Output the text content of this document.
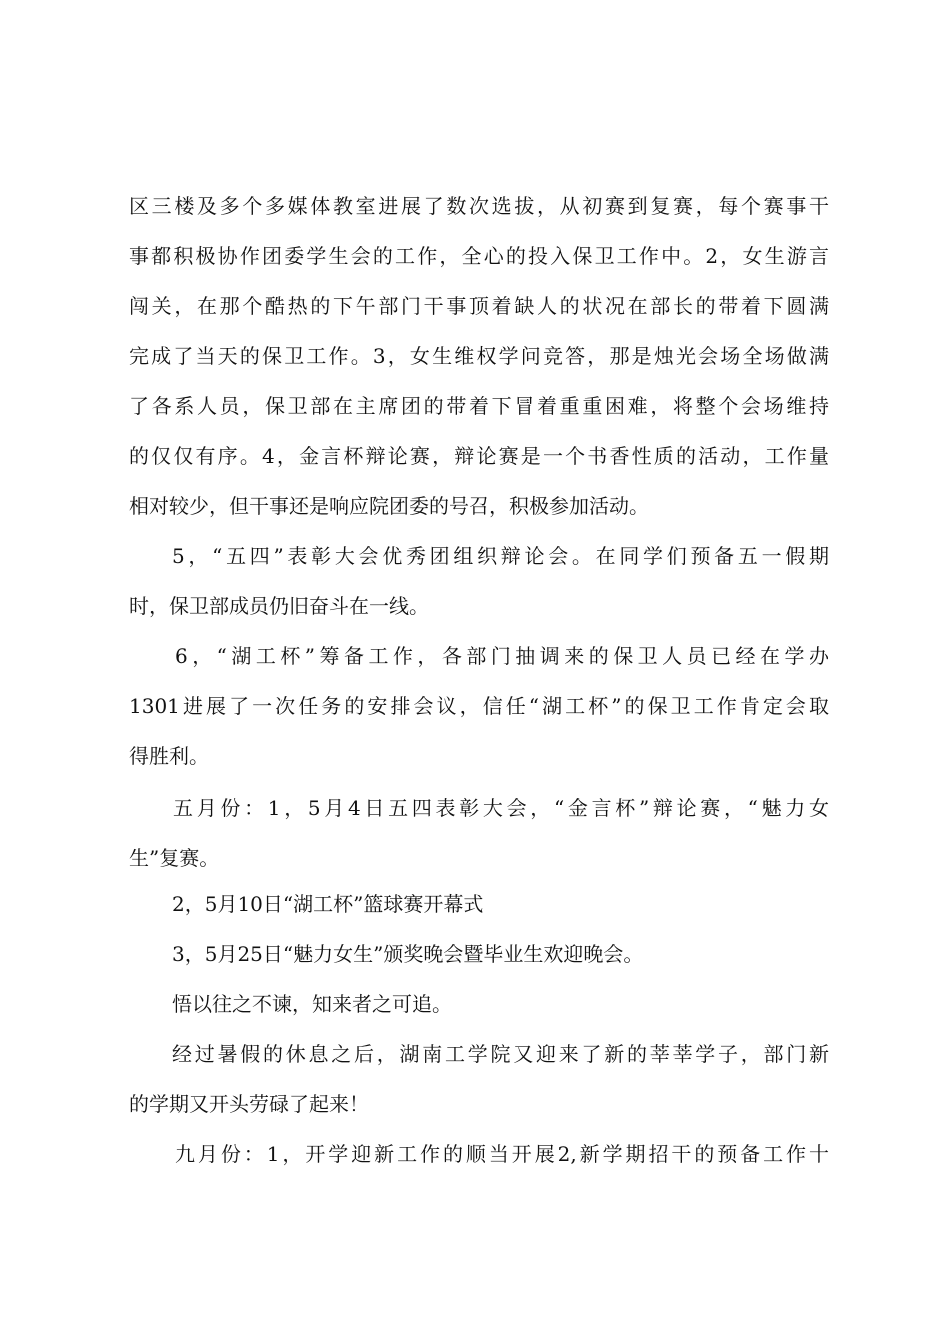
区三楼及多个多媒体教室进展了数次选拔，从初赛到复赛，每个赛事干
事都积极协作团委学生会的工作，全心的投入保卫工作中。2，女生游言
闯关，在那个酷热的下午部门干事顶着缺人的状况在部长的带着下圆满
完成了当天的保卫工作。3，女生维权学问竞答，那是烛光会场全场做满
了各系人员，保卫部在主席团的带着下冒着重重困难，将整个会场维持
的仅仅有序。4，金言杯辩论赛，辩论赛是一个书香性质的活动，工作量
相对较少，但干事还是响应院团委的号召，积极参加活动。
5，“五四”表彰大会优秀团组织辩论会。在同学们预备五一假期
时，保卫部成员仍旧奋斗在一线。
6，“湖工杯”筹备工作，各部门抽调来的保卫人员已经在学办
1301进展了一次任务的安排会议，信任“湖工杯”的保卫工作肯定会取
得胜利。
五月份：1，5月4日五四表彰大会，“金言杯”辩论赛，“魅力女
生”复赛。
2，5月10日“湖工杯”篮球赛开幕式
3，5月25日“魅力女生”颁奖晚会暨毕业生欢迎晚会。
悟以往之不谏，知来者之可追。
经过暑假的休息之后，湖南工学院又迎来了新的莘莘学子，部门新
的学期又开头劳碌了起来！
九月份：1，开学迎新工作的顺当开展2,新学期招干的预备工作十
